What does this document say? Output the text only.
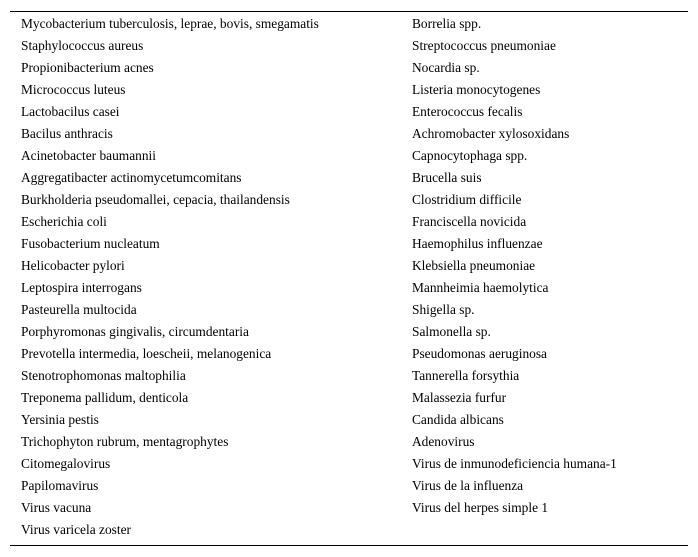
Mycobacterium tuberculosis, leprae, bovis, smegamatis	Borrelia spp.
Staphylococcus aureus	Streptococcus pneumoniae
Propionibacterium acnes	Nocardia sp.
Micrococcus luteus	Listeria monocytogenes
Lactobacilus casei	Enterococcus fecalis
Bacilus anthracis	Achromobacter xylosoxidans
Acinetobacter baumannii	Capnocytophaga spp.
Aggregatibacter actinomycetumcomitans	Brucella suis
Burkholderia pseudomallei, cepacia, thailandensis	Clostridium difficile
Escherichia coli	Franciscella novicida
Fusobacterium nucleatum	Haemophilus influenzae
Helicobacter pylori	Klebsiella pneumoniae
Leptospira interrogans	Mannheimia haemolytica
Pasteurella multocida	Shigella sp.
Porphyromonas gingivalis, circumdentaria	Salmonella sp.
Prevotella intermedia, loescheii, melanogenica	Pseudomonas aeruginosa
Stenotrophomonas maltophilia	Tannerella forsythia
Treponema pallidum, denticola	Malassezia furfur
Yersinia pestis	Candida albicans
Trichophyton rubrum, mentagrophytes	Adenovirus
Citomegalovirus	Virus de inmunodeficiencia humana-1
Papilomavirus	Virus de la influenza
Virus vacuna	Virus del herpes simple 1
Virus varicela zoster	
